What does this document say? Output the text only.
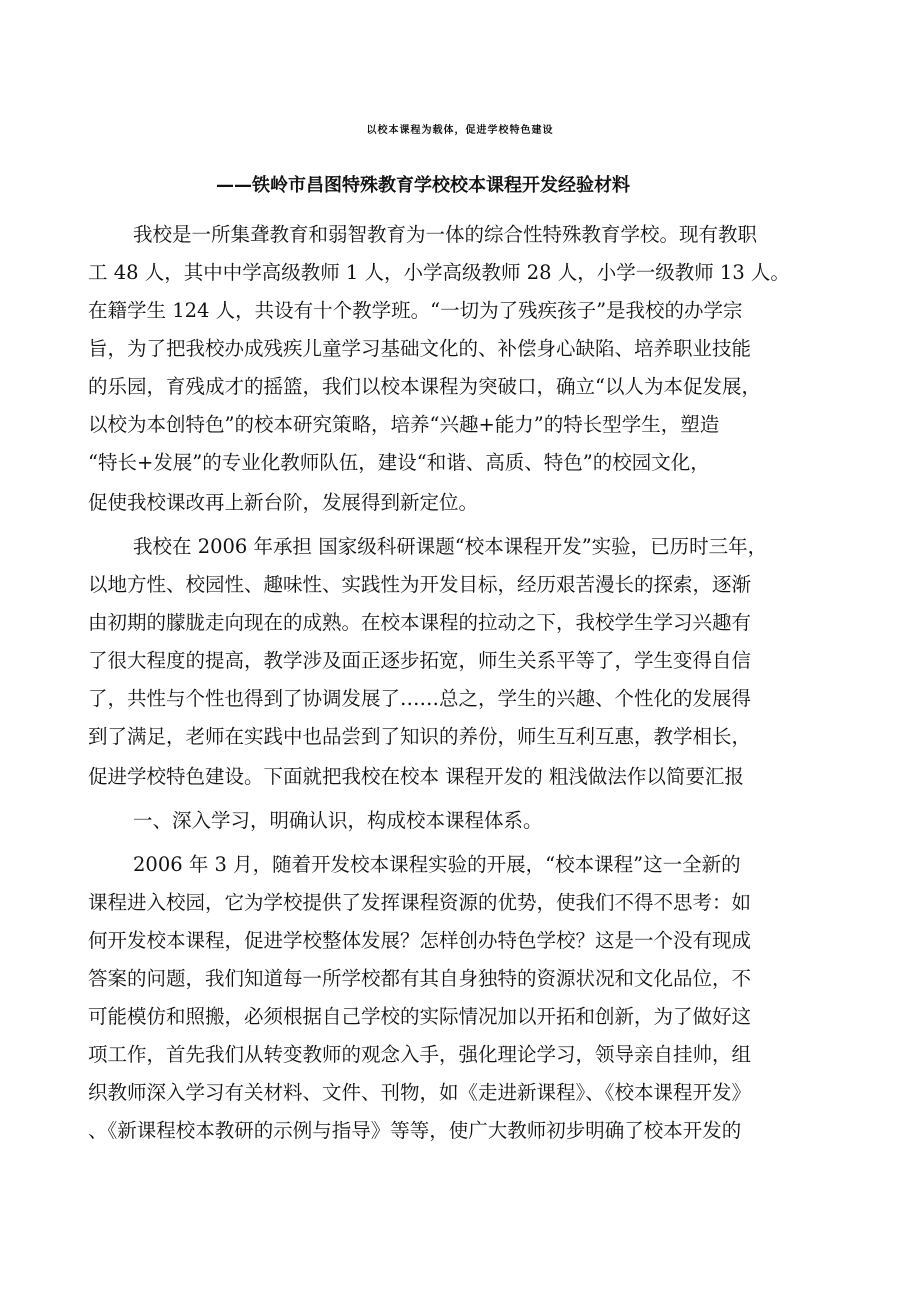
以校本课程为载体，促进学校特色建设
——铁岭市昌图特殊教育学校校本课程开发经验材料
我校是一所集聋教育和弱智教育为一体的综合性特殊教育学校。现有教职
工 48 人，其中中学高级教师 1 人，小学高级教师 28 人，小学一级教师 13 人。
在籍学生 124 人，共设有十个教学班。“一切为了残疾孩子”是我校的办学宗
旨，为了把我校办成残疾儿童学习基础文化的、补偿身心缺陷、培养职业技能
的乐园，育残成才的摇篮，我们以校本课程为突破口，确立“以人为本促发展，
以校为本创特色”的校本研究策略，培养“兴趣+能力”的特长型学生，塑造
“特长+发展”的专业化教师队伍，建设“和谐、高质、特色”的校园文化，
促使我校课改再上新台阶，发展得到新定位。
我校在 2006 年承担 国家级科研课题“校本课程开发”实验，已历时三年，
以地方性、校园性、趣味性、实践性为开发目标，经历艰苦漫长的探索，逐渐
由初期的朦胧走向现在的成熟。在校本课程的拉动之下，我校学生学习兴趣有
了很大程度的提高，教学涉及面正逐步拓宽，师生关系平等了，学生变得自信
了，共性与个性也得到了协调发展了……总之，学生的兴趣、个性化的发展得
到了满足，老师在实践中也品尝到了知识的养份，师生互利互惠，教学相长，
促进学校特色建设。下面就把我校在校本 课程开发的 粗浅做法作以简要汇报
一、深入学习，明确认识，构成校本课程体系。
2006 年 3 月，随着开发校本课程实验的开展，“校本课程”这一全新的
课程进入校园，它为学校提供了发挥课程资源的优势，使我们不得不思考：如
何开发校本课程，促进学校整体发展？怎样创办特色学校？这是一个没有现成
答案的问题，我们知道每一所学校都有其自身独特的资源状况和文化品位，不
可能模仿和照搬，必须根据自己学校的实际情况加以开拓和创新，为了做好这
项工作，首先我们从转变教师的观念入手，强化理论学习，领导亲自挂帅，组
织教师深入学习有关材料、文件、刊物，如《走进新课程》、《校本课程开发》
、《新课程校本教研的示例与指导》等等，使广大教师初步明确了校本开发的
